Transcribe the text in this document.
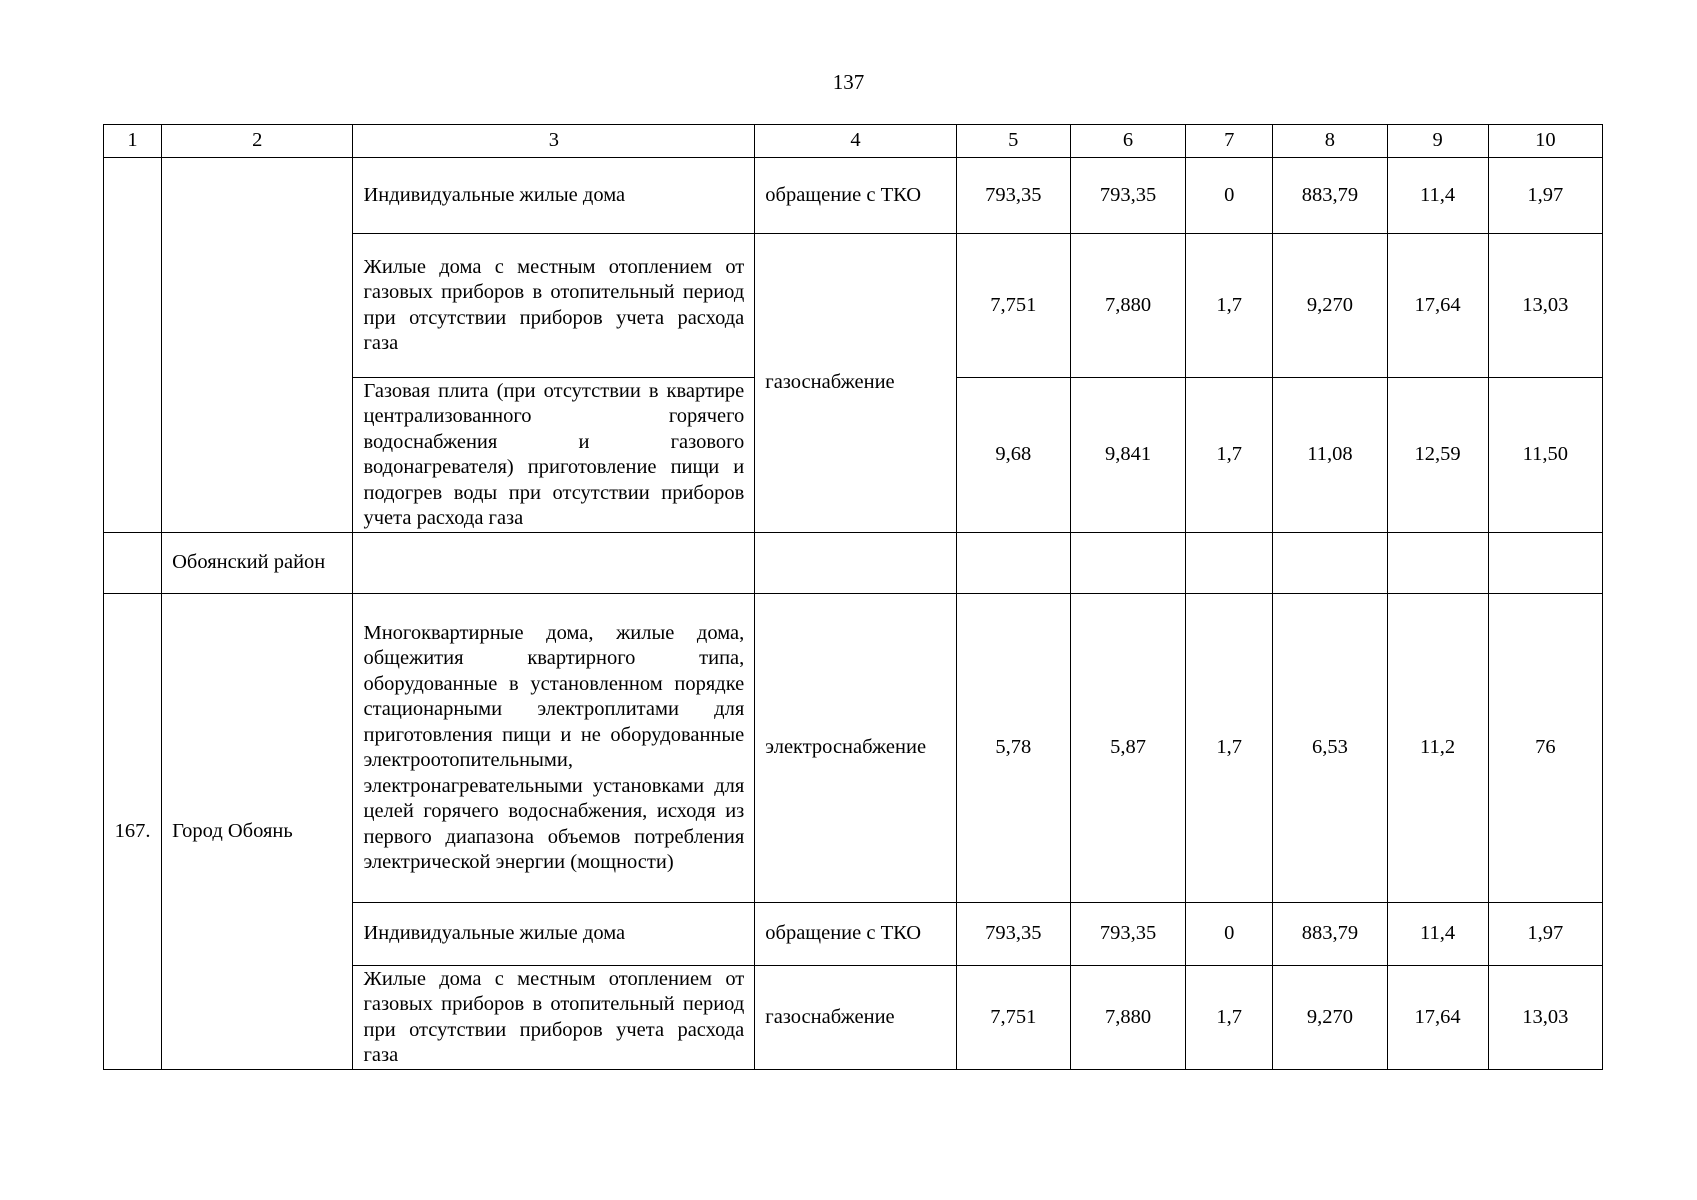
137
1	2	3	4	5	6	7	8	9	10
		Индивидуальные жилые дома	обращение с ТКО	793,35	793,35	0	883,79	11,4	1,97
		Жилые дома с местным отоплением от газовых приборов в отопительный период при отсутствии приборов учета расхода газа	газоснабжение	7,751	7,880	1,7	9,270	17,64	13,03
		Газовая плита (при отсутствии в квартире централизованного горячего водоснабжения и газового водонагревателя) приготовление пищи и подогрев воды при отсутствии приборов учета расхода газа		9,68	9,841	1,7	11,08	12,59	11,50
	Обоянский район								
167.	Город Обоянь	Многоквартирные дома, жилые дома, общежития квартирного типа, оборудованные в установленном порядке стационарными электроплитами для приготовления пищи и не оборудованные электроотопительными, электронагревательными установками для целей горячего водоснабжения, исходя из первого диапазона объемов потребления электрической энергии (мощности)	электроснабжение	5,78	5,87	1,7	6,53	11,2	76
		Индивидуальные жилые дома	обращение с ТКО	793,35	793,35	0	883,79	11,4	1,97
		Жилые дома с местным отоплением от газовых приборов в отопительный период при отсутствии приборов учета расхода газа	газоснабжение	7,751	7,880	1,7	9,270	17,64	13,03
